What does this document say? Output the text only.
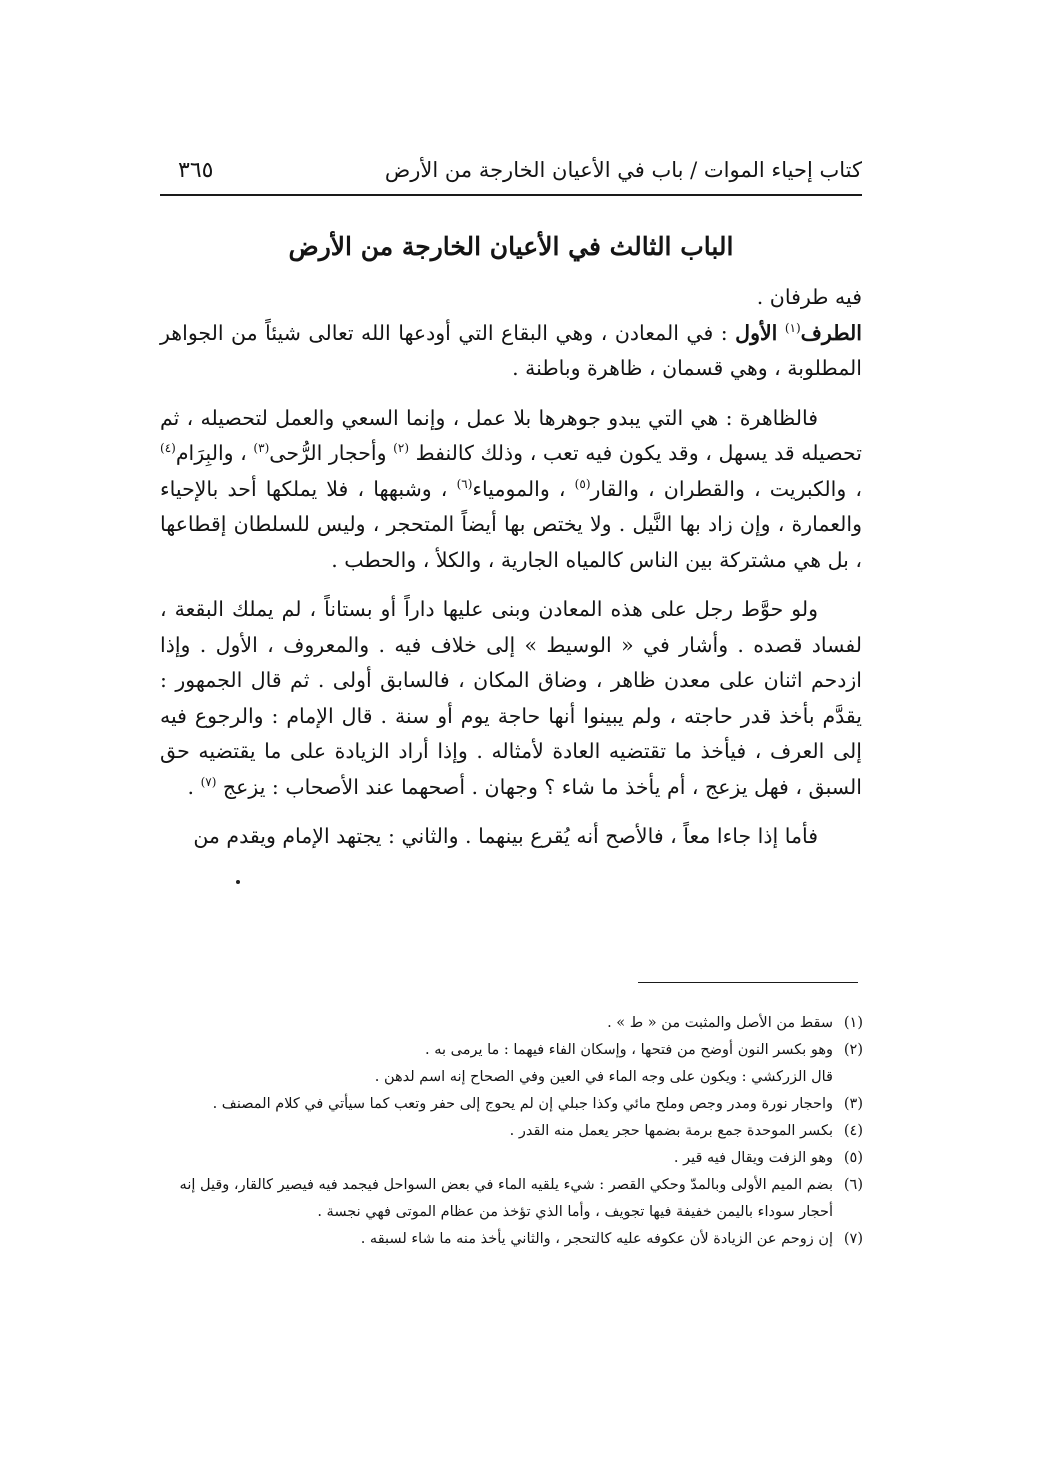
كتاب إحياء الموات / باب في الأعيان الخارجة من الأرض
٣٦٥
الباب الثالث في الأعيان الخارجة من الأرض

فيه طرفان .

الطرف$^{(١)}$ الأول : في المعادن ، وهي البقاع التي أودعها الله تعالى شيئاً من الجواهر المطلوبة ، وهي قسمان ، ظاهرة وباطنة .

فالظاهرة : هي التي يبدو جوهرها بلا عمل ، وإنما السعي والعمل لتحصيله ، ثم تحصيله قد يسهل ، وقد يكون فيه تعب ، وذلك كالنفط $^{(٢)}$ وأحجار الرُّحى$^{(٣)}$ ، والبِرَام$^{(٤)}$ ، والكبريت ، والقطران ، والقار$^{(٥)}$ ، والمومياء$^{(٦)}$ ، وشبهها ، فلا يملكها أحد بالإحياء والعمارة ، وإن زاد بها النَّيل . ولا يختص بها أيضاً المتحجر ، وليس للسلطان إقطاعها ، بل هي مشتركة بين الناس كالمياه الجارية ، والكلأ ، والحطب .

ولو حوَّط رجل على هذه المعادن وبنى عليها داراً أو بستاناً ، لم يملك البقعة ، لفساد قصده . وأشار في « الوسيط » إلى خلاف فيه . والمعروف ، الأول . وإذا ازدحم اثنان على معدن ظاهر ، وضاق المكان ، فالسابق أولى . ثم قال الجمهور : يقدَّم بأخذ قدر حاجته ، ولم يبينوا أنها حاجة يوم أو سنة . قال الإمام : والرجوع فيه إلى العرف ، فيأخذ ما تقتضيه العادة لأمثاله . وإذا أراد الزيادة على ما يقتضيه حق السبق ، فهل يزعج ، أم يأخذ ما شاء ؟ وجهان . أصحهما عند الأصحاب : يزعج $^{(٧)}$ .

فأما إذا جاءا معاً ، فالأصح أنه يُقرع بينهما . والثاني : يجتهد الإمام ويقدم من

(١)
سقط من الأصل والمثبت من « ط » .

(٢)
وهو بكسر النون أوضح من فتحها ، وإسكان الفاء فيهما : ما يرمى به .

قال الزركشي : ويكون على وجه الماء في العين وفي الصحاح إنه اسم لدهن .

(٣)
واحجار نورة ومدر وجص وملح مائي وكذا جبلي إن لم يحوج إلى حفر وتعب كما سيأتي في كلام المصنف .

(٤)
بكسر الموحدة جمع برمة بضمها حجر يعمل منه القدر .

(٥)
وهو الزفت ويقال فيه قير .

(٦)
بضم الميم الأولى وبالمدّ وحكي القصر : شيء يلقيه الماء في بعض السواحل فيجمد فيه فيصير كالقار، وقيل إنه أحجار سوداء باليمن خفيفة فيها تجويف ، وأما الذي تؤخذ من عظام الموتى فهي نجسة .

(٧)
إن زوحم عن الزيادة لأن عكوفه عليه كالتحجر ، والثاني يأخذ منه ما شاء لسبقه .
